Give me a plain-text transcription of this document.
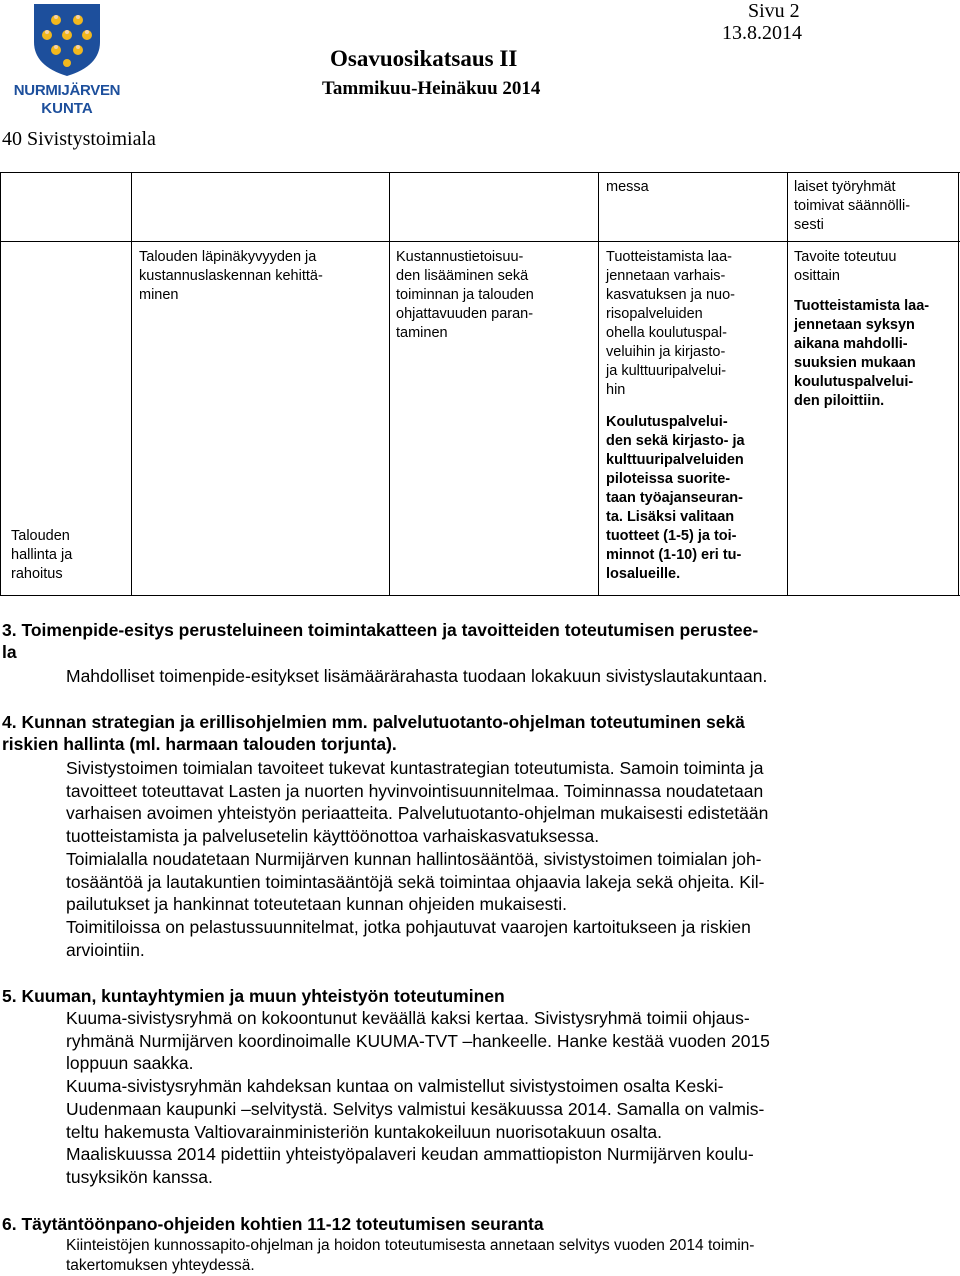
NURMIJÄRVEN
KUNTA
Sivu 2
13.8.2014
Osavuosikatsaus II
Tammikuu-Heinäkuu 2014
40 Sivistystoimiala

messa	laiset työryhmät

toimivat säännölli-

sesti

Talouden

hallinta ja

rahoitus

Talouden läpinäkyvyyden ja

kustannuslaskennan kehittä-

minen

Kustannustietoisuu-

den lisääminen sekä

toiminnan ja talouden

ohjattavuuden paran-

taminen

Tuotteistamista laa-

jennetaan varhais-

kasvatuksen ja nuo-

risopalveluiden

ohella koulutuspal-

veluihin ja kirjasto-

ja kulttuuripalvelui-

hin

Koulutuspalvelui-

den sekä kirjasto- ja

kulttuuripalveluiden

piloteissa suorite-

taan työajanseuran-

ta. Lisäksi valitaan

tuotteet (1-5) ja toi-

minnot (1-10) eri tu-

losalueille.

Tavoite toteutuu

osittain

Tuotteistamista laa-

jennetaan syksyn

aikana mahdolli-

suuksien mukaan

koulutuspalvelui-

den piloittiin.

3. Toimenpide-esitys perusteluineen toimintakatteen ja tavoitteiden toteutumisen perustee-
la
Mahdolliset toimenpide-esitykset lisämäärärahasta tuodaan lokakuun sivistyslautakuntaan.
4. Kunnan strategian ja erillisohjelmien mm. palvelutuotanto-ohjelman toteutuminen sekä
riskien hallinta (ml. harmaan talouden torjunta).
Sivistystoimen toimialan tavoiteet tukevat kuntastrategian toteutumista. Samoin toiminta ja
tavoitteet toteuttavat Lasten ja nuorten hyvinvointisuunnitelmaa. Toiminnassa noudatetaan
varhaisen avoimen yhteistyön periaatteita. Palvelutuotanto-ohjelman mukaisesti edistetään
tuotteistamista ja palvelusetelin käyttöönottoa varhaiskasvatuksessa.
Toimialalla noudatetaan Nurmijärven kunnan hallintosääntöä, sivistystoimen toimialan joh-
tosääntöä ja lautakuntien toimintasääntöjä sekä toimintaa ohjaavia lakeja sekä ohjeita. Kil-
pailutukset ja hankinnat toteutetaan kunnan ohjeiden mukaisesti.
Toimitiloissa on pelastussuunnitelmat, jotka pohjautuvat vaarojen kartoitukseen ja riskien
arviointiin.
5. Kuuman, kuntayhtymien ja muun yhteistyön toteutuminen
Kuuma-sivistysryhmä on kokoontunut keväällä kaksi kertaa. Sivistysryhmä toimii ohjaus-
ryhmänä Nurmijärven koordinoimalle KUUMA-TVT –hankeelle. Hanke kestää vuoden 2015
loppuun saakka.
Kuuma-sivistysryhmän kahdeksan kuntaa on valmistellut sivistystoimen osalta Keski-
Uudenmaan kaupunki –selvitystä. Selvitys valmistui kesäkuussa 2014. Samalla on valmis-
teltu hakemusta Valtiovarainministeriön kuntakokeiluun nuorisotakuun osalta.
Maaliskuussa 2014 pidettiin yhteistyöpalaveri keudan ammattiopiston Nurmijärven koulu-
tusyksikön kanssa.
6. Täytäntöönpano-ohjeiden kohtien 11-12 toteutumisen seuranta
Kiinteistöjen kunnossapito-ohjelman ja hoidon toteutumisesta annetaan selvitys vuoden 2014 toimin-
takertomuksen yhteydessä.
